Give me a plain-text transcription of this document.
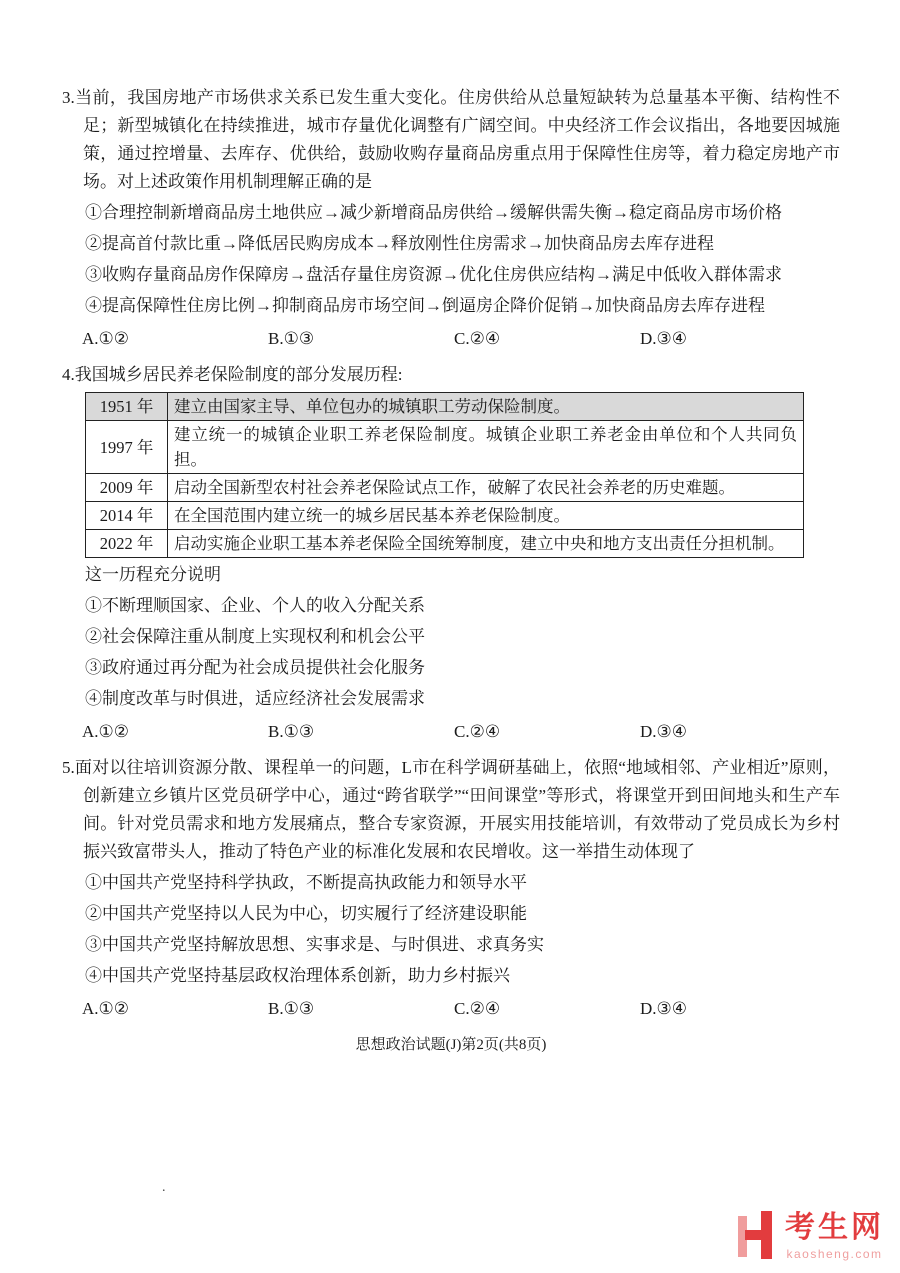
3.当前，我国房地产市场供求关系已发生重大变化。住房供给从总量短缺转为总量基本平衡、结构性不足；新型城镇化在持续推进，城市存量优化调整有广阔空间。中央经济工作会议指出，各地要因城施策，通过控增量、去库存、优供给，鼓励收购存量商品房重点用于保障性住房等，着力稳定房地产市场。对上述政策作用机制理解正确的是
①合理控制新增商品房土地供应→减少新增商品房供给→缓解供需失衡→稳定商品房市场价格
②提高首付款比重→降低居民购房成本→释放刚性住房需求→加快商品房去库存进程
③收购存量商品房作保障房→盘活存量住房资源→优化住房供应结构→满足中低收入群体需求
④提高保障性住房比例→抑制商品房市场空间→倒逼房企降价促销→加快商品房去库存进程
A.①②	B.①③	C.②④	D.③④
4.我国城乡居民养老保险制度的部分发展历程:
1951 年	建立由国家主导、单位包办的城镇职工劳动保险制度。
1997 年	建立统一的城镇企业职工养老保险制度。城镇企业职工养老金由单位和个人共同负担。
2009 年	启动全国新型农村社会养老保险试点工作，破解了农民社会养老的历史难题。
2014 年	在全国范围内建立统一的城乡居民基本养老保险制度。
2022 年	启动实施企业职工基本养老保险全国统筹制度，建立中央和地方支出责任分担机制。
这一历程充分说明
①不断理顺国家、企业、个人的收入分配关系
②社会保障注重从制度上实现权利和机会公平
③政府通过再分配为社会成员提供社会化服务
④制度改革与时俱进，适应经济社会发展需求
A.①②	B.①③	C.②④	D.③④
5.面对以往培训资源分散、课程单一的问题，L市在科学调研基础上，依照“地域相邻、产业相近”原则，创新建立乡镇片区党员研学中心，通过“跨省联学”“田间课堂”等形式，将课堂开到田间地头和生产车间。针对党员需求和地方发展痛点，整合专家资源，开展实用技能培训，有效带动了党员成长为乡村振兴致富带头人，推动了特色产业的标准化发展和农民增收。这一举措生动体现了
①中国共产党坚持科学执政，不断提高执政能力和领导水平
②中国共产党坚持以人民为中心，切实履行了经济建设职能
③中国共产党坚持解放思想、实事求是、与时俱进、求真务实
④中国共产党坚持基层政权治理体系创新，助力乡村振兴
A.①②	B.①③	C.②④	D.③④
思想政治试题(J)第2页(共8页)
.
考生网
kaosheng.com
